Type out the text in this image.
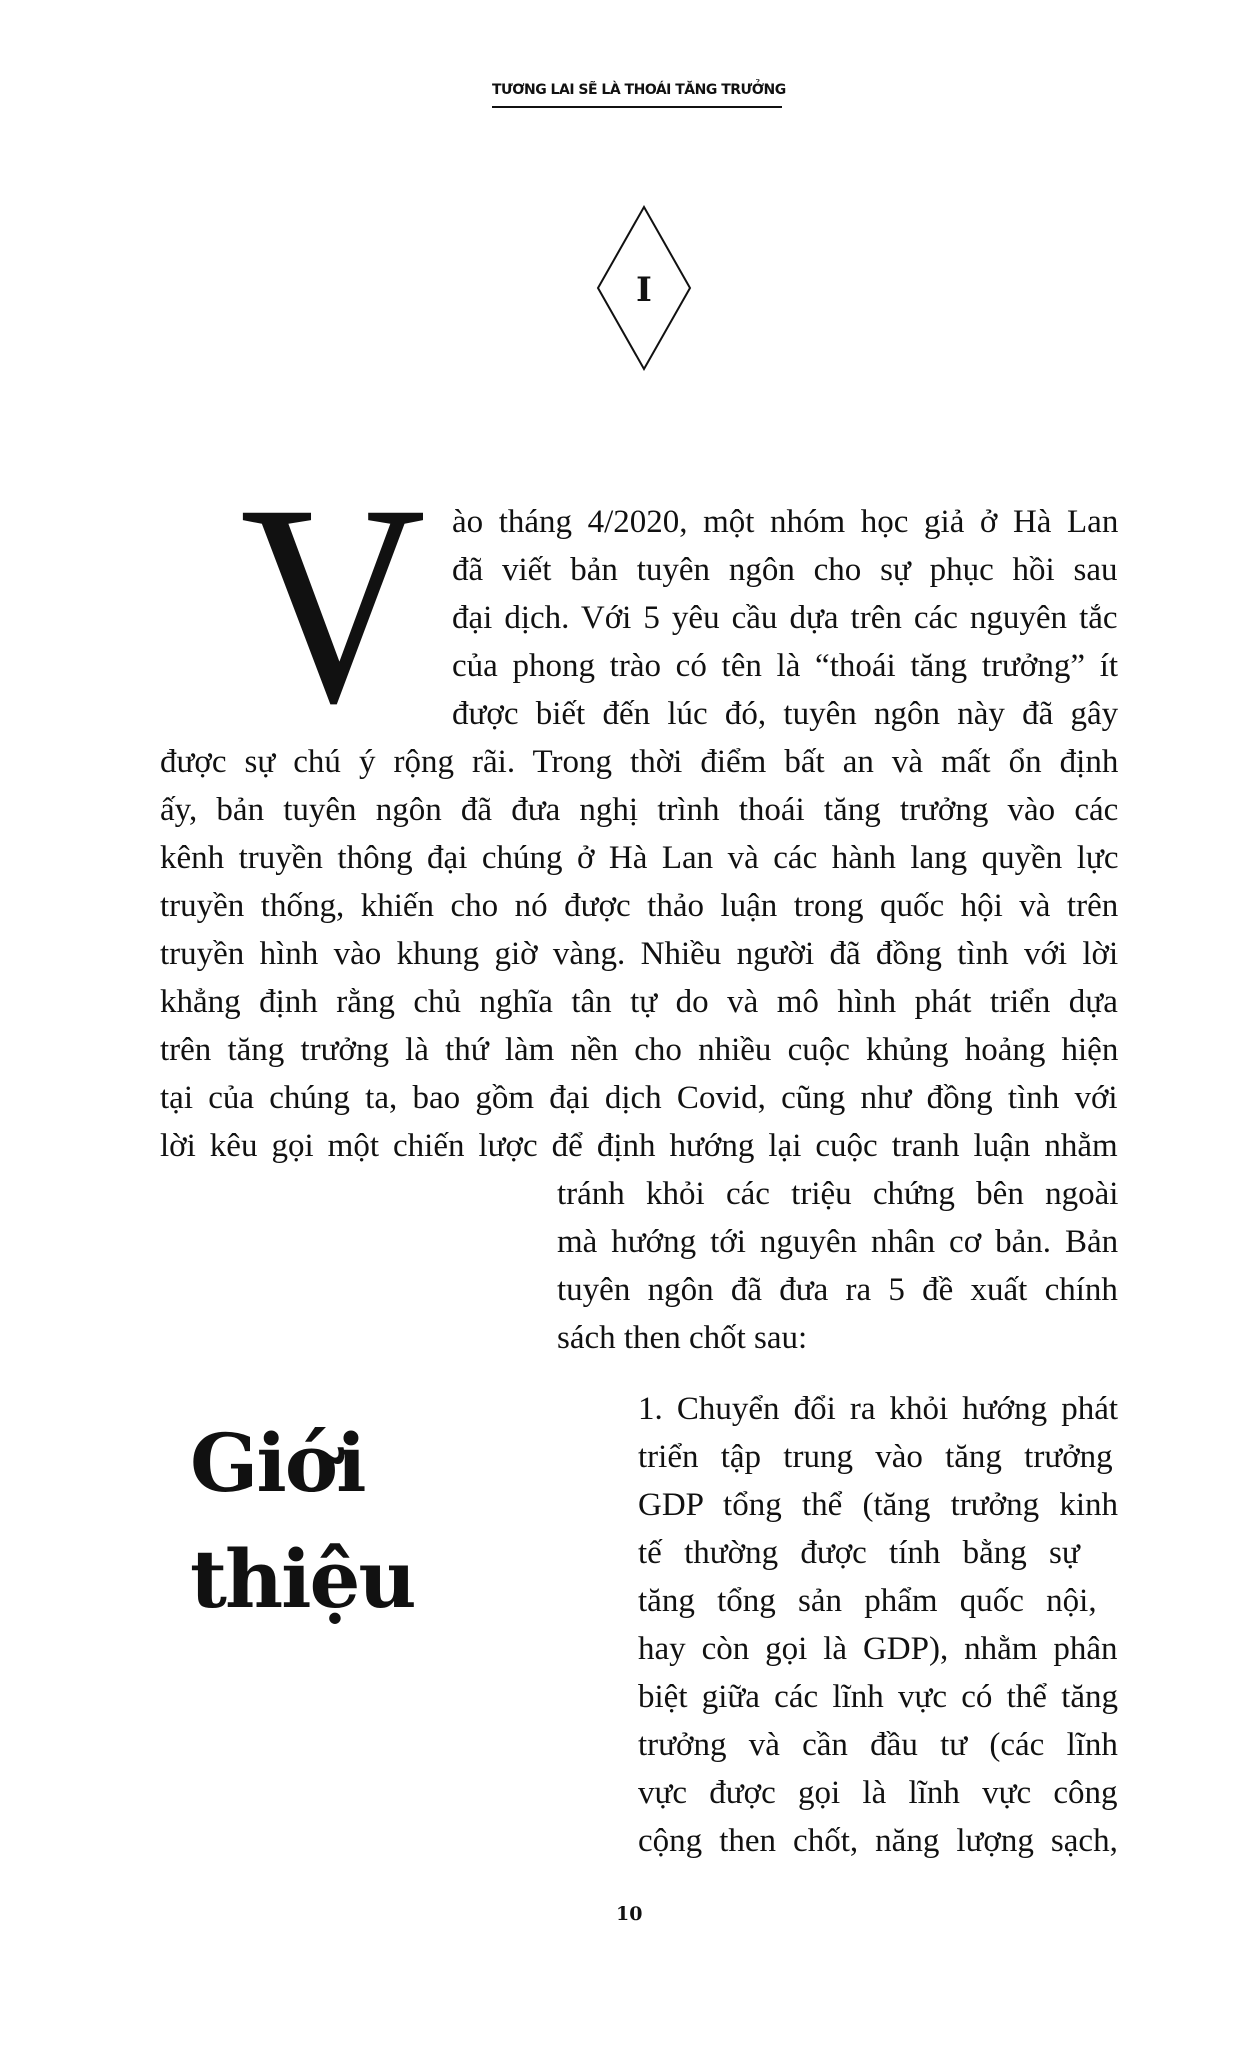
TƯƠNG LAI SẼ LÀ THOÁI TĂNG TRƯỞNG
I
V ào tháng 4/2020, một nhóm học giả ở Hà Lan
đã viết bản tuyên ngôn cho sự phục hồi sau
đại dịch. Với 5 yêu cầu dựa trên các nguyên tắc
của phong trào có tên là “thoái tăng trưởng” ít
được biết đến lúc đó, tuyên ngôn này đã gây
được sự chú ý rộng rãi. Trong thời điểm bất an và mất ổn định
ấy, bản tuyên ngôn đã đưa nghị trình thoái tăng trưởng vào các
kênh truyền thông đại chúng ở Hà Lan và các hành lang quyền lực
truyền thống, khiến cho nó được thảo luận trong quốc hội và trên
truyền hình vào khung giờ vàng. Nhiều người đã đồng tình với lời
khẳng định rằng chủ nghĩa tân tự do và mô hình phát triển dựa
trên tăng trưởng là thứ làm nền cho nhiều cuộc khủng hoảng hiện
tại của chúng ta, bao gồm đại dịch Covid, cũng như đồng tình với
lời kêu gọi một chiến lược để định hướng lại cuộc tranh luận nhằm
tránh khỏi các triệu chứng bên ngoài
mà hướng tới nguyên nhân cơ bản. Bản
tuyên ngôn đã đưa ra 5 đề xuất chính
sách then chốt sau:
1. Chuyển đổi ra khỏi hướng phát
triển tập trung vào tăng trưởng
GDP tổng thể (tăng trưởng kinh
tế thường được tính bằng sự
tăng tổng sản phẩm quốc nội,
hay còn gọi là GDP), nhằm phân
biệt giữa các lĩnh vực có thể tăng
trưởng và cần đầu tư (các lĩnh
vực được gọi là lĩnh vực công
cộng then chốt, năng lượng sạch,
Giới
thiệu
10
